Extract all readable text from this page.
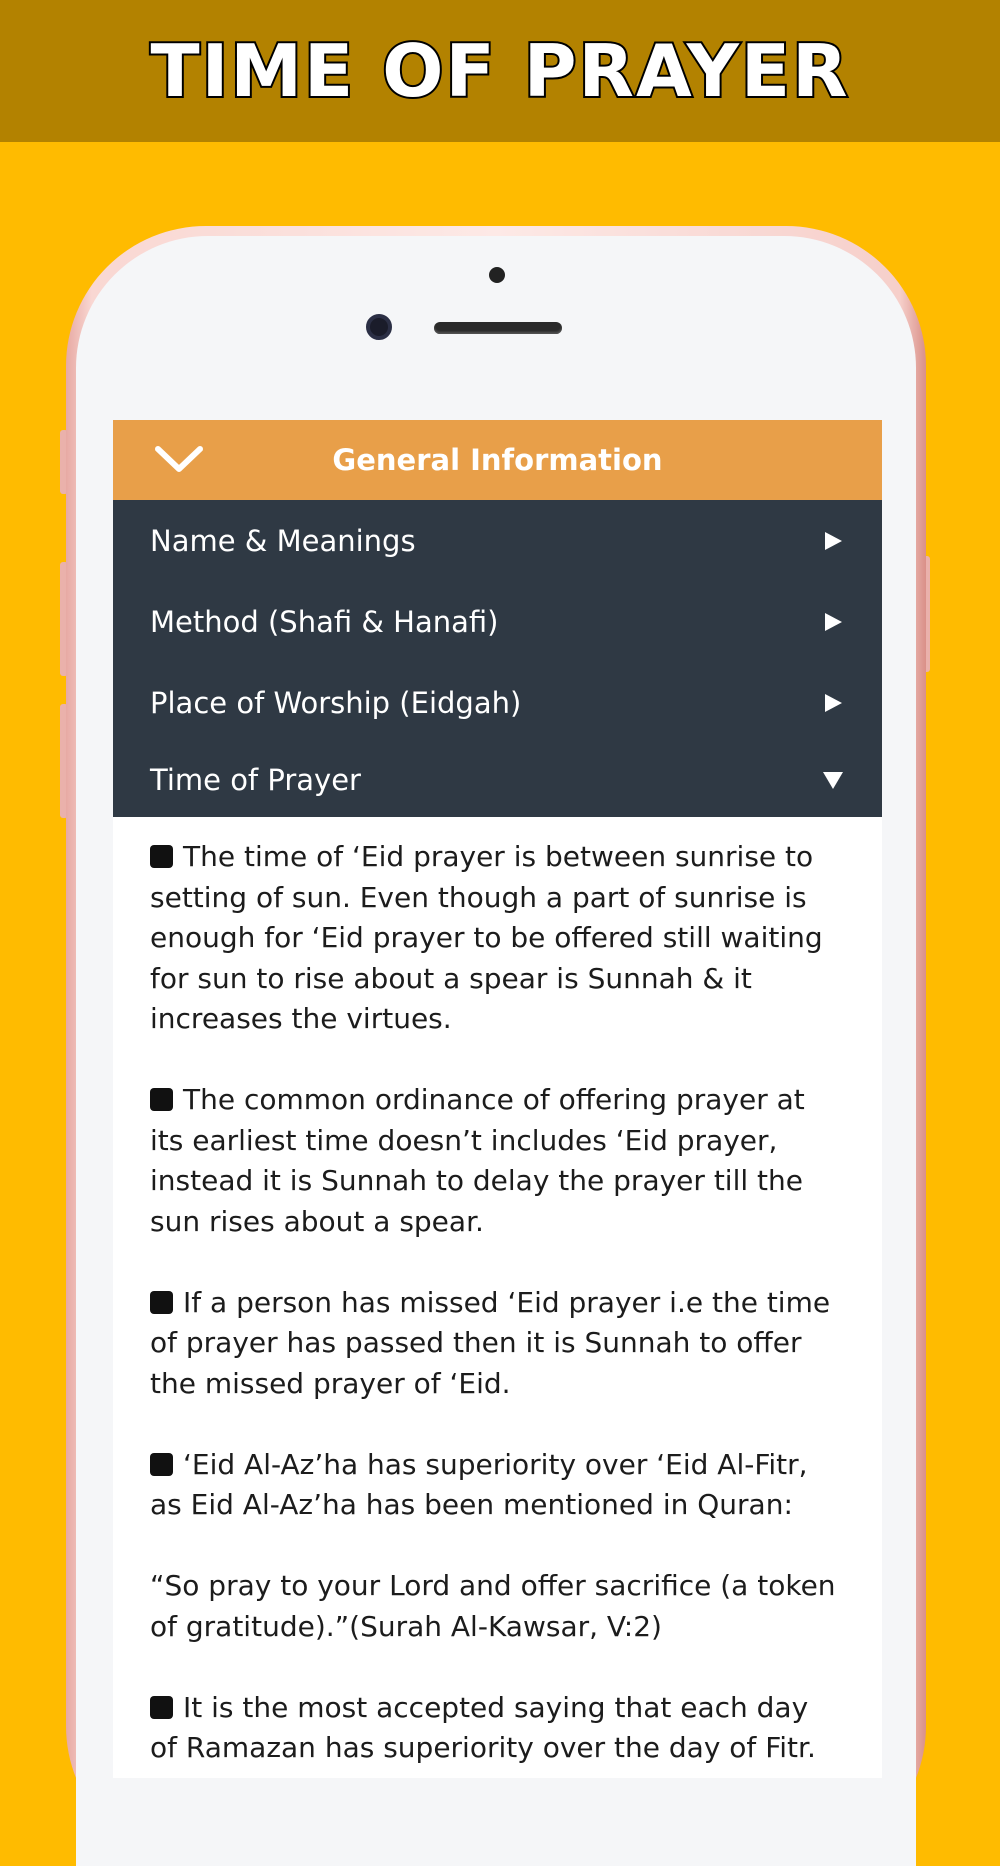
TIME OF PRAYER
General Information
Name & Meanings
Method (Shafi & Hanafi)
Place of Worship (Eidgah)
Time of Prayer

The time of ‘Eid prayer is between sunrise to setting of sun. Even though a part of sunrise is enough for ‘Eid prayer to be offered still waiting for sun to rise about a spear is Sunnah & it increases the virtues.

The common ordinance of offering prayer at its earliest time doesn’t includes ‘Eid prayer, instead it is Sunnah to delay the prayer till the sun rises about a spear.

If a person has missed ‘Eid prayer i.e the time of prayer has passed then it is Sunnah to offer the missed prayer of ‘Eid.

‘Eid Al-Az’ha has superiority over ‘Eid Al-Fitr, as Eid Al-Az’ha has been mentioned in Quran:

“So pray to your Lord and offer sacrifice (a token of gratitude).”(Surah Al-Kawsar, V:2)

It is the most accepted saying that each day of Ramazan has superiority over the day of Fitr.
